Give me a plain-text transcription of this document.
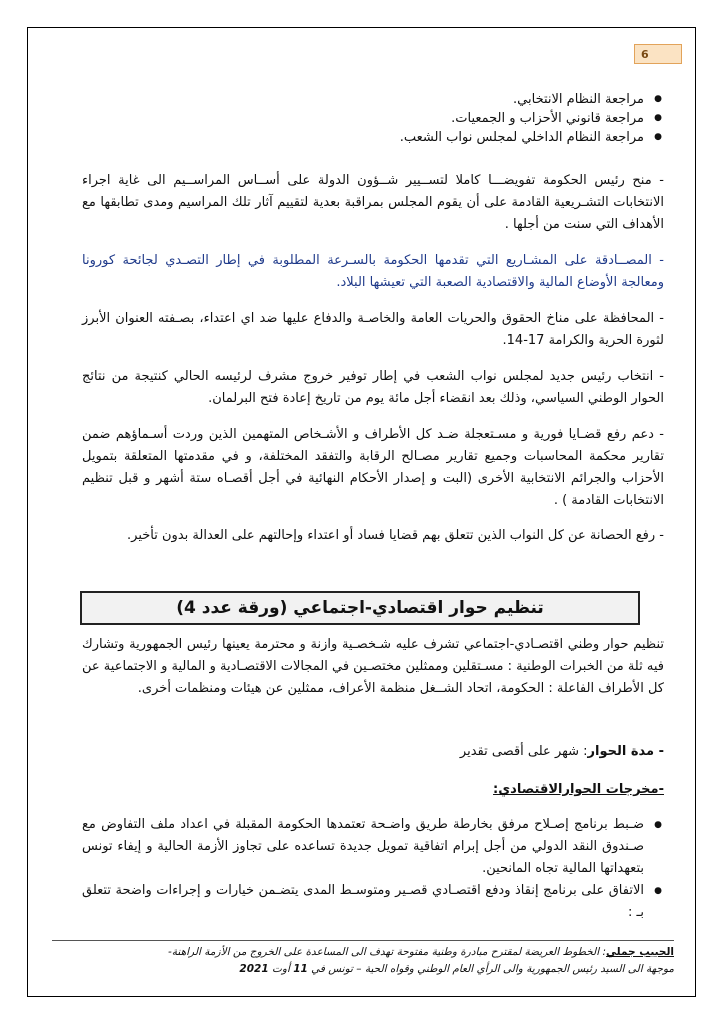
6
● مراجعة النظام الانتخابي.
● مراجعة قانوني الأحزاب و الجمعيات.
● مراجعة النظام الداخلي لمجلس نواب الشعب.

- منح رئيس الحكومة تفويضـــا كاملا لتســيير شــؤون الدولة على أســاس المراســيم الى غاية اجراء الانتخابات التشـريعية القادمة على أن يقوم المجلس بمراقبة بعدية لتقييم آثار تلك المراسيم ومدى تطابقها مع الأهداف التي سنت من أجلها .

- المصــادقة على المشـاريع التي تقدمها الحكومة بالسـرعة المطلوبة في إطار التصـدي لجائحة كورونا ومعالجة الأوضاع المالية والاقتصادية الصعبة التي تعيشها البلاد.

- المحافظة على مناخ الحقوق والحريات العامة والخاصـة والدفاع عليها ضد اي اعتداء، بصـفته العنوان الأبرز لثورة الحرية والكرامة 17-14.

- انتخاب رئيس جديد لمجلس نواب الشعب في إطار توفير خروج مشرف لرئيسه الحالي كنتيجة من نتائج الحوار الوطني السياسي، وذلك بعد انقضاء أجل مائة يوم من تاريخ إعادة فتح البرلمان.

- دعم رفع قضـايا فورية و مسـتعجلة ضـد كل الأطراف و الأشـخاص المتهمين الذين وردت أسـماؤهم ضمن تقارير محكمة المحاسبات وجميع تقارير مصـالح الرقابة والتفقد المختلفة، و في مقدمتها المتعلقة بتمويل الأحزاب والجرائم الانتخابية الأخرى (البت و إصدار الأحكام النهائية في أجل أقصـاه ستة أشهر و قبل تنظيم الانتخابات القادمة ) .

- رفع الحصانة عن كل النواب الذين تتعلق بهم قضايا فساد أو اعتداء وإحالتهم على العدالة بدون تأخير.

تنظيم حوار اقتصادي-اجتماعي (ورقة عدد 4)

تنظيم حوار وطني اقتصـادي-اجتماعي تشرف عليه شـخصـية وازنة و محترمة يعينها رئيس الجمهورية وتشارك فيه ثلة من الخبرات الوطنية : مسـتقلين وممثلين مختصـين في المجالات الاقتصـادية و المالية و الاجتماعية عن كل الأطراف الفاعلة : الحكومة، اتحاد الشــغل منظمة الأعراف، ممثلين عن هيئات ومنظمات أخرى.

- مدة الحوار: شهر على أقصى تقدير

-مخرجات الحوارالاقتصادي:

● ضـبط برنامج إصـلاح مرفق بخارطة طريق واضـحة تعتمدها الحكومة المقبلة في اعداد ملف التفاوض مع صـندوق النقد الدولي من أجل إبرام اتفاقية تمويل جديدة تساعده على تجاوز الأزمة الحالية و إيفاء تونس بتعهداتها المالية تجاه المانحين.
● الاتفاق على برنامج إنقاذ ودفع اقتصـادي قصـير ومتوسـط المدى يتضـمن خيارات و إجراءات واضحة تتعلق بـ :
الحبيب جملي: الخطوط العريضة لمقترح مبادرة وطنية مفتوحة تهدف الى المساعدة على الخروج من الأزمة الراهنة-
موجهة الى السيد رئيس الجمهورية والى الرأي العام الوطني وقواه الحية – تونس في 11 أوت 2021
